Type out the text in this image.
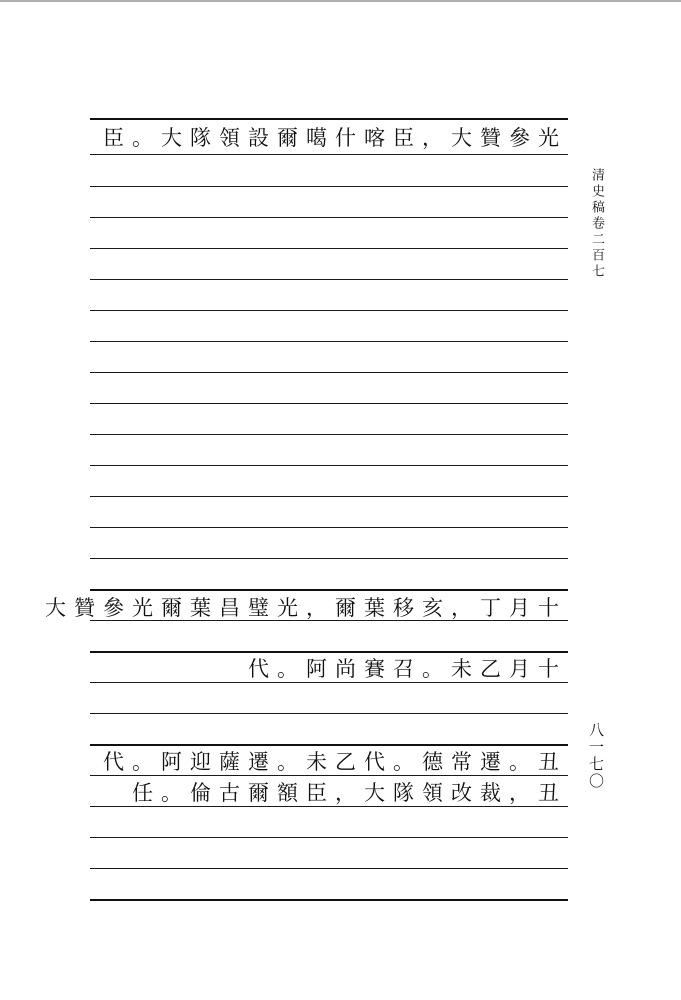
臣。大隊領設爾噶什喀臣，大贊參光
大贊參光爾葉昌璧光，爾葉移亥，丁月十
代。阿尚賽召。未乙月十
代。阿迎薩遷。未乙代。德常遷。丑
任。倫古爾額臣，大隊領改裁，丑
清史稿卷二百七
八一七〇
